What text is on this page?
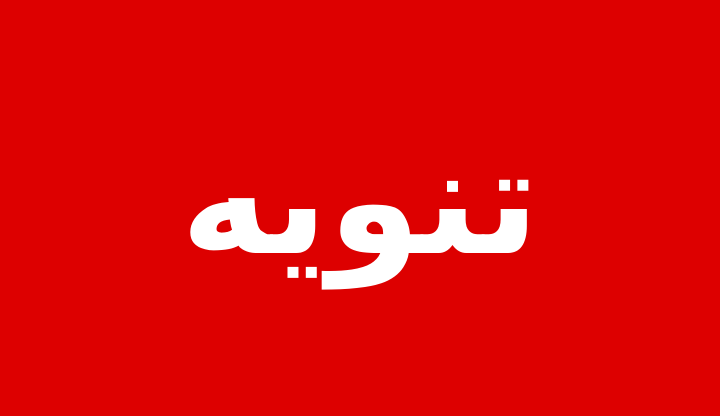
تنويه
